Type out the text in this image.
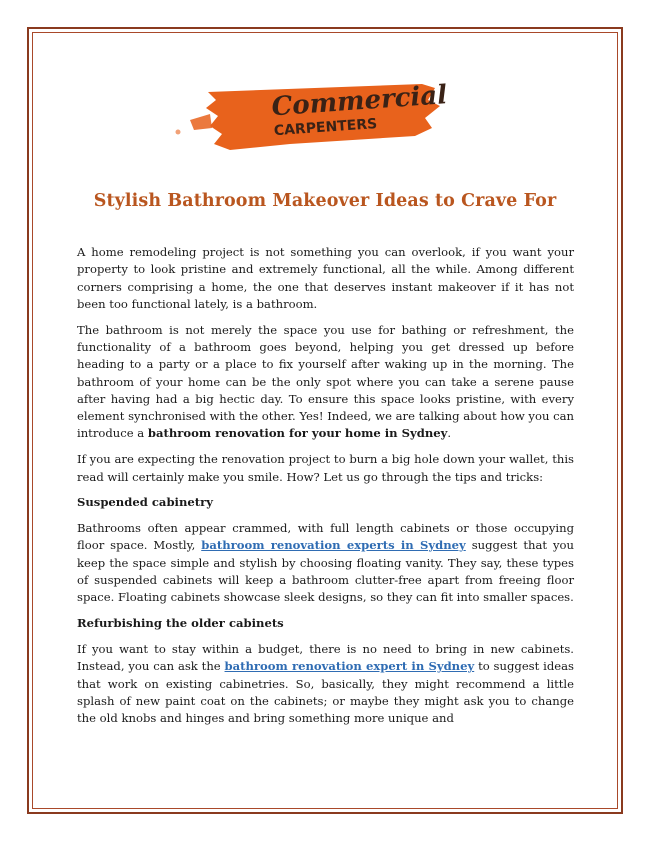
Commercial
CARPENTERS
Stylish Bathroom Makeover Ideas to Crave For

A home remodeling project is not something you can overlook, if you want your property to look pristine and extremely functional, all the while. Among different corners comprising a home, the one that deserves instant makeover if it has not been too functional lately, is a bathroom.

The bathroom is not merely the space you use for bathing or refreshment, the functionality of a bathroom goes beyond, helping you get dressed up before heading to a party or a place to fix yourself after waking up in the morning. The bathroom of your home can be the only spot where you can take a serene pause after having had a big hectic day. To ensure this space looks pristine, with every element synchronised with the other. Yes! Indeed, we are talking about how you can introduce a bathroom renovation for your home in Sydney.

If you are expecting the renovation project to burn a big hole down your wallet, this read will certainly make you smile. How? Let us go through the tips and tricks:

Suspended cabinetry

Bathrooms often appear crammed, with full length cabinets or those occupying floor space. Mostly, bathroom renovation experts in Sydney suggest that you keep the space simple and stylish by choosing floating vanity. They say, these types of suspended cabinets will keep a bathroom clutter-free apart from freeing floor space. Floating cabinets showcase sleek designs, so they can fit into smaller spaces.

Refurbishing the older cabinets

If you want to stay within a budget, there is no need to bring in new cabinets. Instead, you can ask the bathroom renovation expert in Sydney to suggest ideas that work on existing cabinetries. So, basically, they might recommend a little splash of new paint coat on the cabinets; or maybe they might ask you to change the old knobs and hinges and bring something more unique and
